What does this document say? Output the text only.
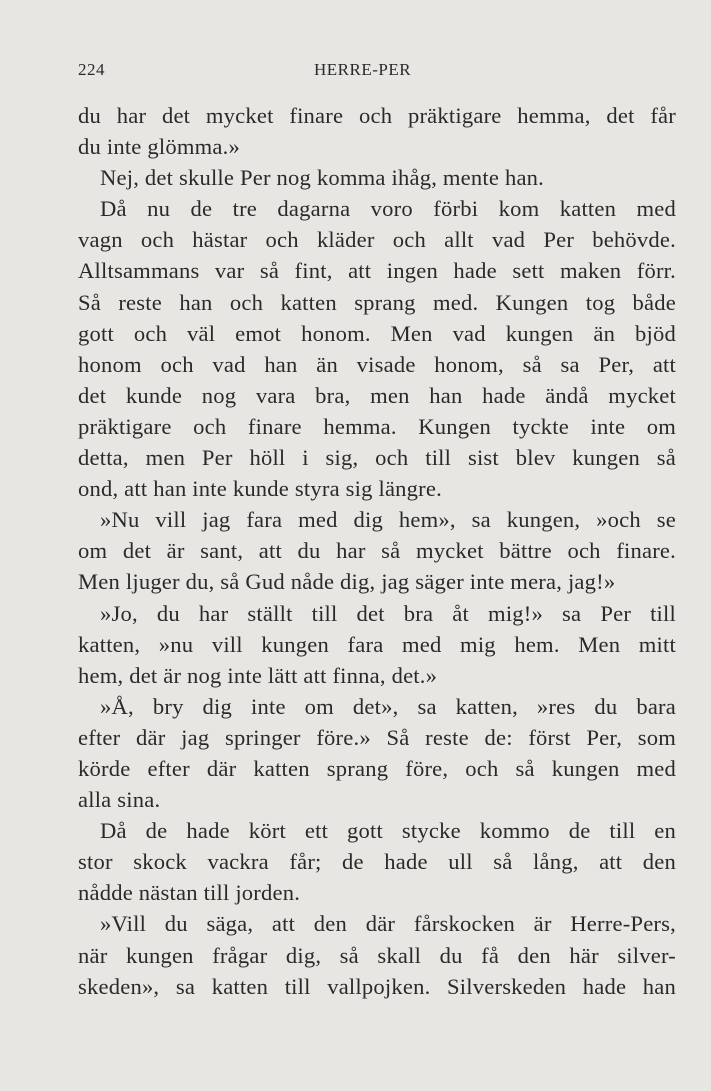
224	HERRE-PER
du har det mycket finare och präktigare hemma, det får
du inte glömma.»
Nej, det skulle Per nog komma ihåg, mente han.
Då nu de tre dagarna voro förbi kom katten med
vagn och hästar och kläder och allt vad Per behövde.
Alltsammans var så fint, att ingen hade sett maken förr.
Så reste han och katten sprang med. Kungen tog både
gott och väl emot honom. Men vad kungen än bjöd
honom och vad han än visade honom, så sa Per, att
det kunde nog vara bra, men han hade ändå mycket
präktigare och finare hemma. Kungen tyckte inte om
detta, men Per höll i sig, och till sist blev kungen så
ond, att han inte kunde styra sig längre.
»Nu vill jag fara med dig hem», sa kungen, »och se
om det är sant, att du har så mycket bättre och finare.
Men ljuger du, så Gud nåde dig, jag säger inte mera, jag!»
»Jo, du har ställt till det bra åt mig!» sa Per till
katten, »nu vill kungen fara med mig hem. Men mitt
hem, det är nog inte lätt att finna, det.»
»Å, bry dig inte om det», sa katten, »res du bara
efter där jag springer före.» Så reste de: först Per, som
körde efter där katten sprang före, och så kungen med
alla sina.
Då de hade kört ett gott stycke kommo de till en
stor skock vackra får; de hade ull så lång, att den
nådde nästan till jorden.
»Vill du säga, att den där fårskocken är Herre-Pers,
när kungen frågar dig, så skall du få den här silver-
skeden», sa katten till vallpojken. Silverskeden hade han
